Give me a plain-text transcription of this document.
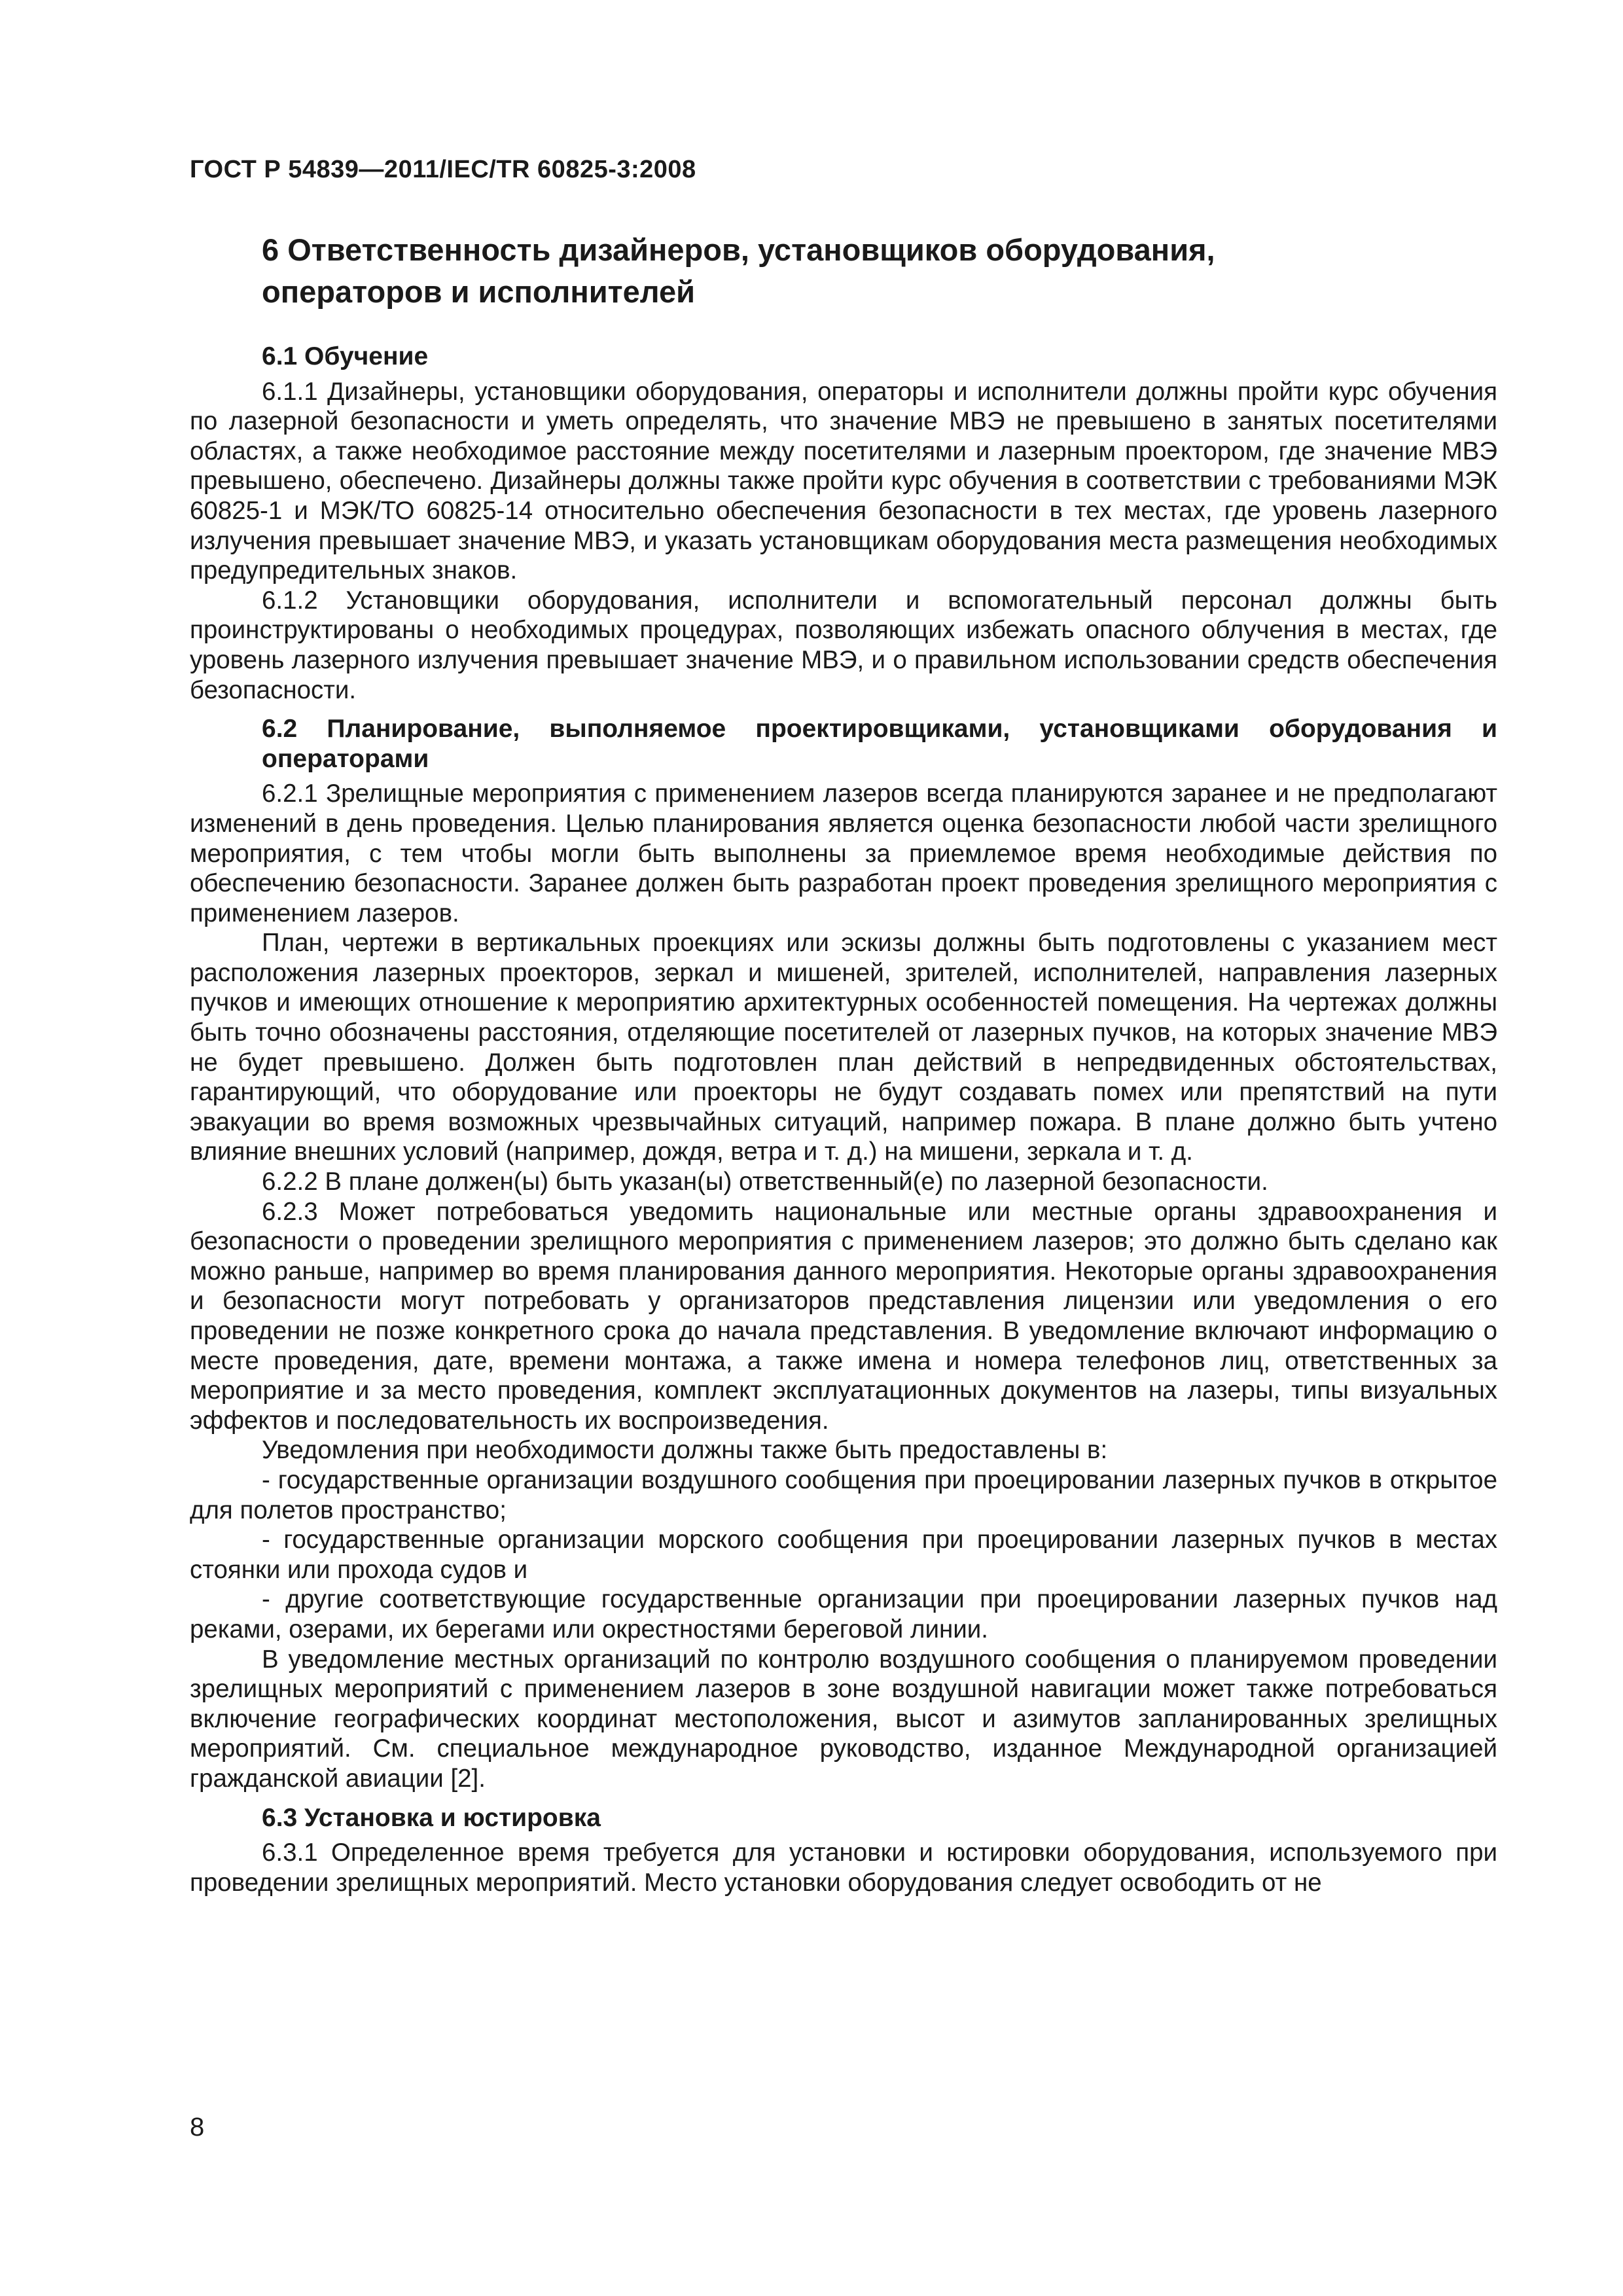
ГОСТ Р 54839—2011/IEC/TR 60825-3:2008
6 Ответственность дизайнеров, установщиков оборудования,
операторов и исполнителей
6.1 Обучение

6.1.1 Дизайнеры, установщики оборудования, операторы и исполнители должны пройти курс обучения по лазерной безопасности и уметь определять, что значение МВЭ не превышено в занятых посетителями областях, а также необходимое расстояние между посетителями и лазерным проектором, где значение МВЭ превышено, обеспечено. Дизайнеры должны также пройти курс обучения в соответствии с требованиями МЭК 60825-1 и МЭК/ТО 60825-14 относительно обеспечения безопасности в тех местах, где уровень лазерного излучения превышает значение МВЭ, и указать установщикам оборудования места размещения необходимых предупредительных знаков.

6.1.2 Установщики оборудования, исполнители и вспомогательный персонал должны быть проинструктированы о необходимых процедурах, позволяющих избежать опасного облучения в местах, где уровень лазерного излучения превышает значение МВЭ, и о правильном использовании средств обеспечения безопасности.

6.2 Планирование, выполняемое проектировщиками, установщиками оборудования и операторами

6.2.1 Зрелищные мероприятия с применением лазеров всегда планируются заранее и не предполагают изменений в день проведения. Целью планирования является оценка безопасности любой части зрелищного мероприятия, с тем чтобы могли быть выполнены за приемлемое время необходимые действия по обеспечению безопасности. Заранее должен быть разработан проект проведения зрелищного мероприятия с применением лазеров.

План, чертежи в вертикальных проекциях или эскизы должны быть подготовлены с указанием мест расположения лазерных проекторов, зеркал и мишеней, зрителей, исполнителей, направления лазерных пучков и имеющих отношение к мероприятию архитектурных особенностей помещения. На чертежах должны быть точно обозначены расстояния, отделяющие посетителей от лазерных пучков, на которых значение МВЭ не будет превышено. Должен быть подготовлен план действий в непредвиденных обстоятельствах, гарантирующий, что оборудование или проекторы не будут создавать помех или препятствий на пути эвакуации во время возможных чрезвычайных ситуаций, например пожара. В плане должно быть учтено влияние внешних условий (например, дождя, ветра и т. д.) на мишени, зеркала и т. д.

6.2.2 В плане должен(ы) быть указан(ы) ответственный(е) по лазерной безопасности.

6.2.3 Может потребоваться уведомить национальные или местные органы здравоохранения и безопасности о проведении зрелищного мероприятия с применением лазеров; это должно быть сделано как можно раньше, например во время планирования данного мероприятия. Некоторые органы здравоохранения и безопасности могут потребовать у организаторов представления лицензии или уведомления о его проведении не позже конкретного срока до начала представления. В уведомление включают информацию о месте проведения, дате, времени монтажа, а также имена и номера телефонов лиц, ответственных за мероприятие и за место проведения, комплект эксплуатационных документов на лазеры, типы визуальных эффектов и последовательность их воспроизведения.

Уведомления при необходимости должны также быть предоставлены в:

- государственные организации воздушного сообщения при проецировании лазерных пучков в открытое для полетов пространство;

- государственные организации морского сообщения при проецировании лазерных пучков в местах стоянки или прохода судов и

- другие соответствующие государственные организации при проецировании лазерных пучков над реками, озерами, их берегами или окрестностями береговой линии.

В уведомление местных организаций по контролю воздушного сообщения о планируемом проведении зрелищных мероприятий с применением лазеров в зоне воздушной навигации может также потребоваться включение географических координат местоположения, высот и азимутов запланированных зрелищных мероприятий. См. специальное международное руководство, изданное Международной организацией гражданской авиации [2].

6.3 Установка и юстировка

6.3.1 Определенное время требуется для установки и юстировки оборудования, используемого при проведении зрелищных мероприятий. Место установки оборудования следует освободить от не

8
